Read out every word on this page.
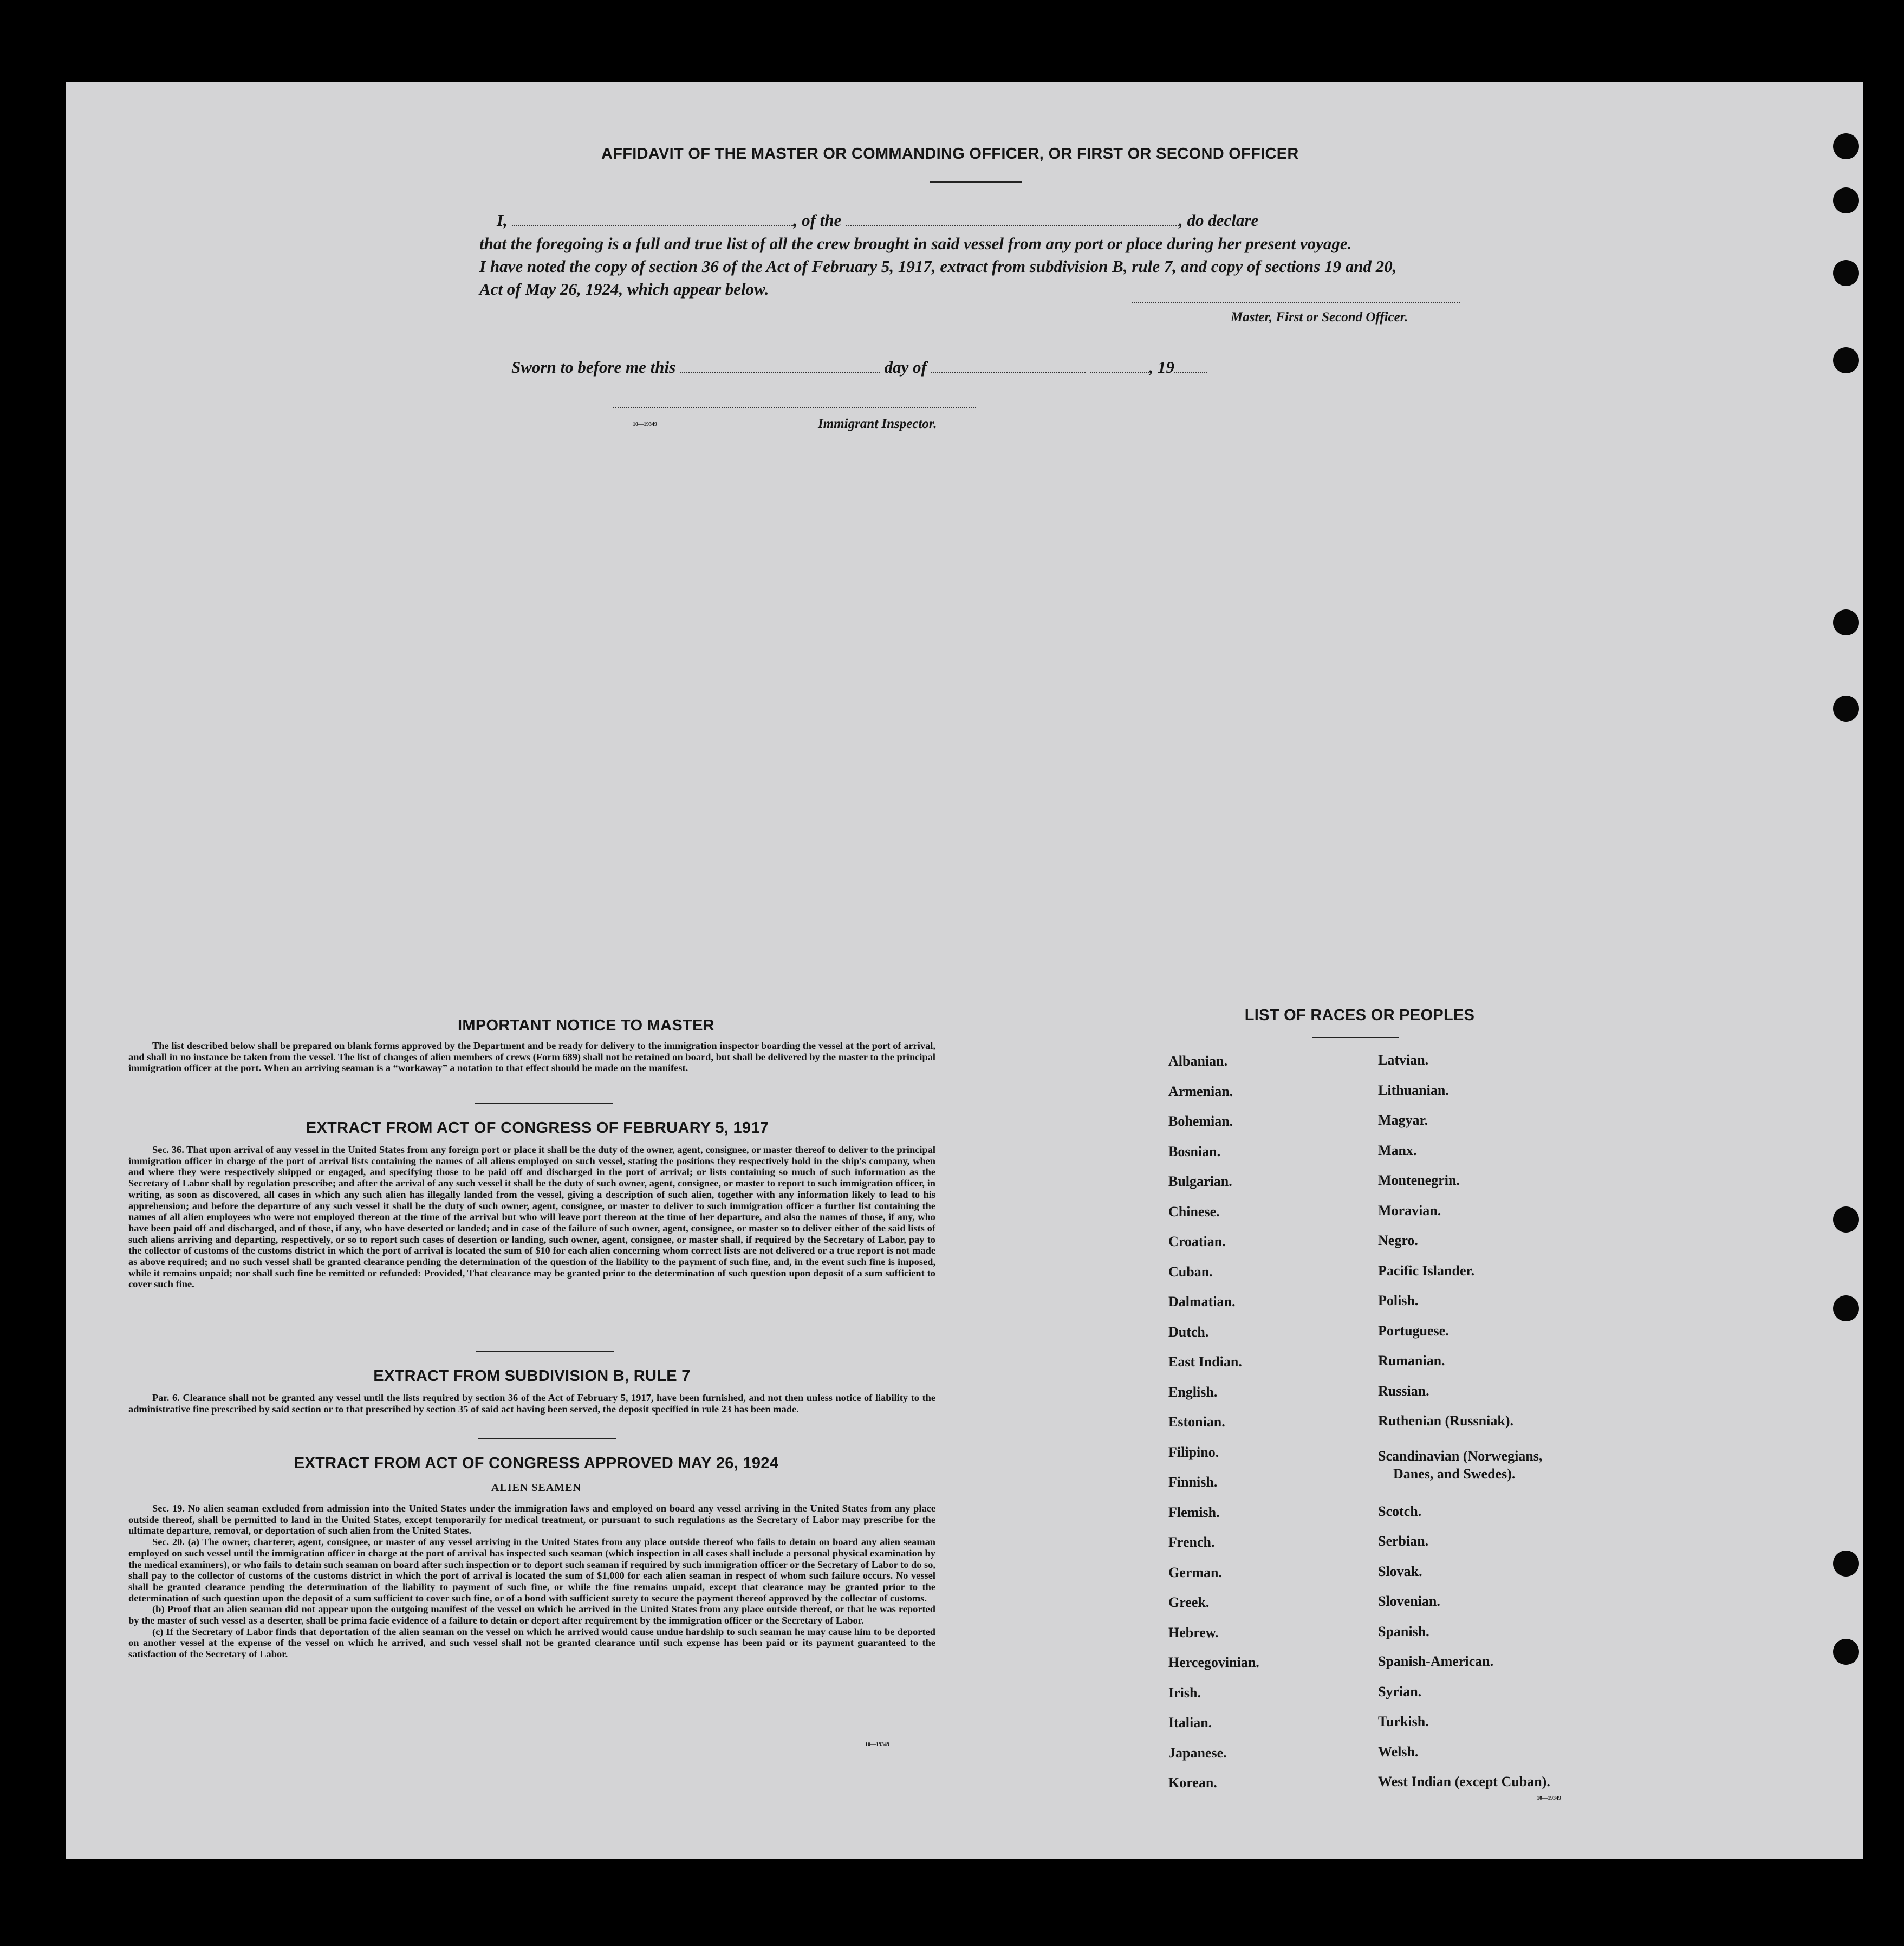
AFFIDAVIT OF THE MASTER OR COMMANDING OFFICER, OR FIRST OR SECOND OFFICER
I,	, of the	, do declare
that the foregoing is a full and true list of all the crew brought in said vessel from any port or place during her present voyage.
I have noted the copy of section 36 of the Act of February 5, 1917, extract from subdivision B, rule 7, and copy of sections 19 and 20,
Act of May 26, 1924, which appear below.
Master, First or Second Officer.
Sworn to before me this	day of	, 19
10—19349	Immigrant Inspector.
IMPORTANT NOTICE TO MASTER
The list described below shall be prepared on blank forms approved by the Department and be ready for delivery to the immigration inspector boarding the vessel at the port of arrival, and shall in no instance be taken from the vessel. The list of changes of alien members of crews (Form 689) shall not be retained on board, but shall be delivered by the master to the principal immigration officer at the port. When an arriving seaman is a “workaway” a notation to that effect should be made on the manifest.
EXTRACT FROM ACT OF CONGRESS OF FEBRUARY 5, 1917
Sec. 36. That upon arrival of any vessel in the United States from any foreign port or place it shall be the duty of the owner, agent, consignee, or master thereof to deliver to the principal immigration officer in charge of the port of arrival lists containing the names of all aliens employed on such vessel, stating the positions they respectively hold in the ship's company, when and where they were respectively shipped or engaged, and specifying those to be paid off and discharged in the port of arrival; or lists containing so much of such information as the Secretary of Labor shall by regulation prescribe; and after the arrival of any such vessel it shall be the duty of such owner, agent, consignee, or master to report to such immigration officer, in writing, as soon as discovered, all cases in which any such alien has illegally landed from the vessel, giving a description of such alien, together with any information likely to lead to his apprehension; and before the departure of any such vessel it shall be the duty of such owner, agent, consignee, or master to deliver to such immigration officer a further list containing the names of all alien employees who were not employed thereon at the time of the arrival but who will leave port thereon at the time of her departure, and also the names of those, if any, who have been paid off and discharged, and of those, if any, who have deserted or landed; and in case of the failure of such owner, agent, consignee, or master so to deliver either of the said lists of such aliens arriving and departing, respectively, or so to report such cases of desertion or landing, such owner, agent, consignee, or master shall, if required by the Secretary of Labor, pay to the collector of customs of the customs district in which the port of arrival is located the sum of $10 for each alien concerning whom correct lists are not delivered or a true report is not made as above required; and no such vessel shall be granted clearance pending the determination of the question of the liability to the payment of such fine, and, in the event such fine is imposed, while it remains unpaid; nor shall such fine be remitted or refunded: Provided, That clearance may be granted prior to the determination of such question upon deposit of a sum sufficient to cover such fine.
EXTRACT FROM SUBDIVISION B, RULE 7
Par. 6. Clearance shall not be granted any vessel until the lists required by section 36 of the Act of February 5, 1917, have been furnished, and not then unless notice of liability to the administrative fine prescribed by said section or to that prescribed by section 35 of said act having been served, the deposit specified in rule 23 has been made.
EXTRACT FROM ACT OF CONGRESS APPROVED MAY 26, 1924
ALIEN SEAMEN
Sec. 19. No alien seaman excluded from admission into the United States under the immigration laws and employed on board any vessel arriving in the United States from any place outside thereof, shall be permitted to land in the United States, except temporarily for medical treatment, or pursuant to such regulations as the Secretary of Labor may prescribe for the ultimate departure, removal, or deportation of such alien from the United States.
Sec. 20. (a) The owner, charterer, agent, consignee, or master of any vessel arriving in the United States from any place outside thereof who fails to detain on board any alien seaman employed on such vessel until the immigration officer in charge at the port of arrival has inspected such seaman (which inspection in all cases shall include a personal physical examination by the medical examiners), or who fails to detain such seaman on board after such inspection or to deport such seaman if required by such immigration officer or the Secretary of Labor to do so, shall pay to the collector of customs of the customs district in which the port of arrival is located the sum of $1,000 for each alien seaman in respect of whom such failure occurs. No vessel shall be granted clearance pending the determination of the liability to payment of such fine, or while the fine remains unpaid, except that clearance may be granted prior to the determination of such question upon the deposit of a sum sufficient to cover such fine, or of a bond with sufficient surety to secure the payment thereof approved by the collector of customs.
(b) Proof that an alien seaman did not appear upon the outgoing manifest of the vessel on which he arrived in the United States from any place outside thereof, or that he was reported by the master of such vessel as a deserter, shall be prima facie evidence of a failure to detain or deport after requirement by the immigration officer or the Secretary of Labor.
(c) If the Secretary of Labor finds that deportation of the alien seaman on the vessel on which he arrived would cause undue hardship to such seaman he may cause him to be deported on another vessel at the expense of the vessel on which he arrived, and such vessel shall not be granted clearance until such expense has been paid or its payment guaranteed to the satisfaction of the Secretary of Labor.
10—19349
LIST OF RACES OR PEOPLES
Albanian.
Armenian.
Bohemian.
Bosnian.
Bulgarian.
Chinese.
Croatian.
Cuban.
Dalmatian.
Dutch.
East Indian.
English.
Estonian.
Filipino.
Finnish.
Flemish.
French.
German.
Greek.
Hebrew.
Hercegovinian.
Irish.
Italian.
Japanese.
Korean.
Latvian.
Lithuanian.
Magyar.
Manx.
Montenegrin.
Moravian.
Negro.
Pacific Islander.
Polish.
Portuguese.
Rumanian.
Russian.
Ruthenian (Russniak).
Scandinavian (Norwegians,
Danes, and Swedes).
Scotch.
Serbian.
Slovak.
Slovenian.
Spanish.
Spanish-American.
Syrian.
Turkish.
Welsh.
West Indian (except Cuban).
10—19349
